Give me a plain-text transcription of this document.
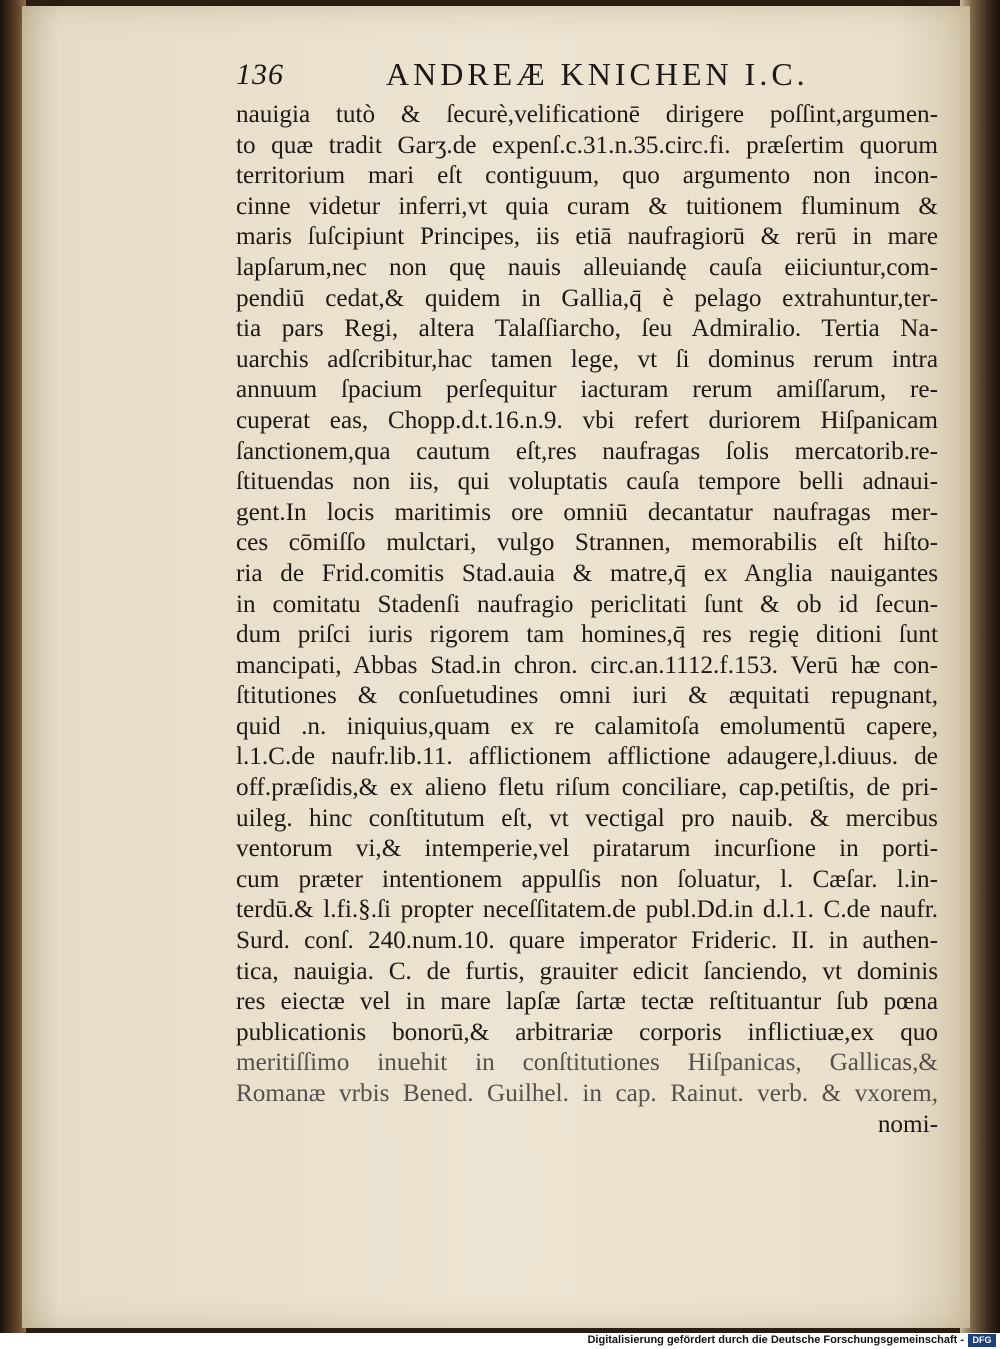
136	ANDREÆ KNICHEN I.C.
nauigia tutò & ſecurè,velificationē dirigere poſſint,argumen-
to quæ tradit Garʒ.de expenſ.c.31.n.35.circ.fi. præſertim quorum
territorium mari eſt contiguum, quo argumento non incon-
cinne videtur inferri,vt quia curam & tuitionem fluminum &
maris ſuſcipiunt Principes, iis etiā naufragiorū & rerū in mare
lapſarum,nec non quę nauis alleuiandę cauſa eiiciuntur,com-
pendiū cedat,& quidem in Gallia,q̄ è pelago extrahuntur,ter-
tia pars Regi, altera Talaſſiarcho, ſeu Admiralio. Tertia Na-
uarchis adſcribitur,hac tamen lege, vt ſi dominus rerum intra
annuum ſpacium perſequitur iacturam rerum amiſſarum, re-
cuperat eas, Chopp.d.t.16.n.9. vbi refert duriorem Hiſpanicam
ſanctionem,qua cautum eſt,res naufragas ſolis mercatorib.re-
ſtituendas non iis, qui voluptatis cauſa tempore belli adnaui-
gent.In locis maritimis ore omniū decantatur naufragas mer-
ces cōmiſſo mulctari, vulgo Strannen, memorabilis eſt hiſto-
ria de Frid.comitis Stad.auia & matre,q̄ ex Anglia nauigantes
in comitatu Stadenſi naufragio periclitati ſunt & ob id ſecun-
dum priſci iuris rigorem tam homines,q̄ res regię ditioni ſunt
mancipati, Abbas Stad.in chron. circ.an.1112.f.153. Verū hæ con-
ſtitutiones & conſuetudines omni iuri & æquitati repugnant,
quid .n. iniquius,quam ex re calamitoſa emolumentū capere,
l.1.C.de naufr.lib.11. afflictionem afflictione adaugere,l.diuus. de
off.præſidis,& ex alieno fletu riſum conciliare, cap.petiſtis, de pri-
uileg. hinc conſtitutum eſt, vt vectigal pro nauib. & mercibus
ventorum vi,& intemperie,vel piratarum incurſione in porti-
cum præter intentionem appulſis non ſoluatur, l. Cæſar. l.in-
terdū.& l.fi.§.ſi propter neceſſitatem.de publ.Dd.in d.l.1. C.de naufr.
Surd. conſ. 240.num.10. quare imperator Frideric. II. in authen-
tica, nauigia. C. de furtis, grauiter edicit ſanciendo, vt dominis
res eiectæ vel in mare lapſæ ſartæ tectæ reſtituantur ſub pœna
publicationis bonorū,& arbitrariæ corporis inflictiuæ,ex quo
meritiſſimo inuehit in conſtitutiones Hiſpanicas, Gallicas,&
Romanæ vrbis Bened. Guilhel. in cap. Rainut. verb. & vxorem,
nomi-
Digitalisierung gefördert durch die Deutsche Forschungsgemeinschaft - DFG
